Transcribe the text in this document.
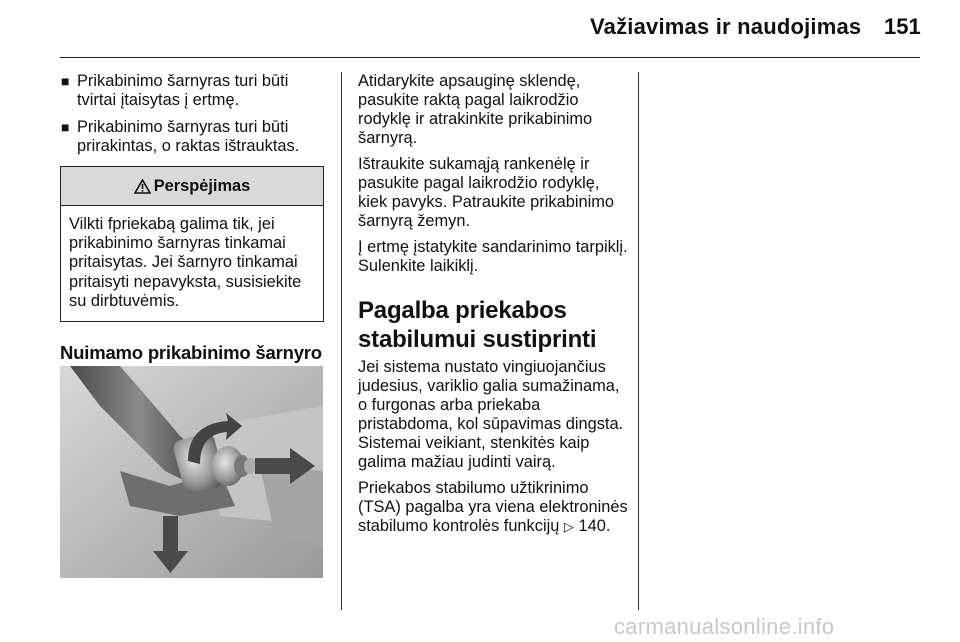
Važiavimas ir naudojimas 151
■ Prikabinimo šarnyras turi būti tvirtai įtaisytas į ertmę.
■ Prikabinimo šarnyras turi būti prirakintas, o raktas ištrauktas.
Perspėjimas
Vilkti fpriekabą galima tik, jei prikabinimo šarnyras tinkamai pritaisytas. Jei šarnyro tinkamai pritaisyti nepavyksta, susisiekite su dirbtuvėmis.
Nuimamo prikabinimo šarnyro

Atidarykite apsauginę sklendę, pasukite raktą pagal laikrodžio rodyklę ir atrakinkite prikabinimo šarnyrą.

Ištraukite sukamąją rankenėlę ir pasukite pagal laikrodžio rodyklę, kiek pavyks. Patraukite prikabinimo šarnyrą žemyn.

Į ertmę įstatykite sandarinimo tarpiklį. Sulenkite laikiklį.

Pagalba priekabos stabilumui sustiprinti

Jei sistema nustato vingiuojančius judesius, variklio galia sumažinama, o furgonas arba priekaba pristabdoma, kol sūpavimas dingsta. Sistemai veikiant, stenkitės kaip galima mažiau judinti vairą.

Priekabos stabilumo užtikrinimo (TSA) pagalba yra viena elektroninės stabilumo kontrolės funkcijų ▷ 140.

carmanualsonline.info
